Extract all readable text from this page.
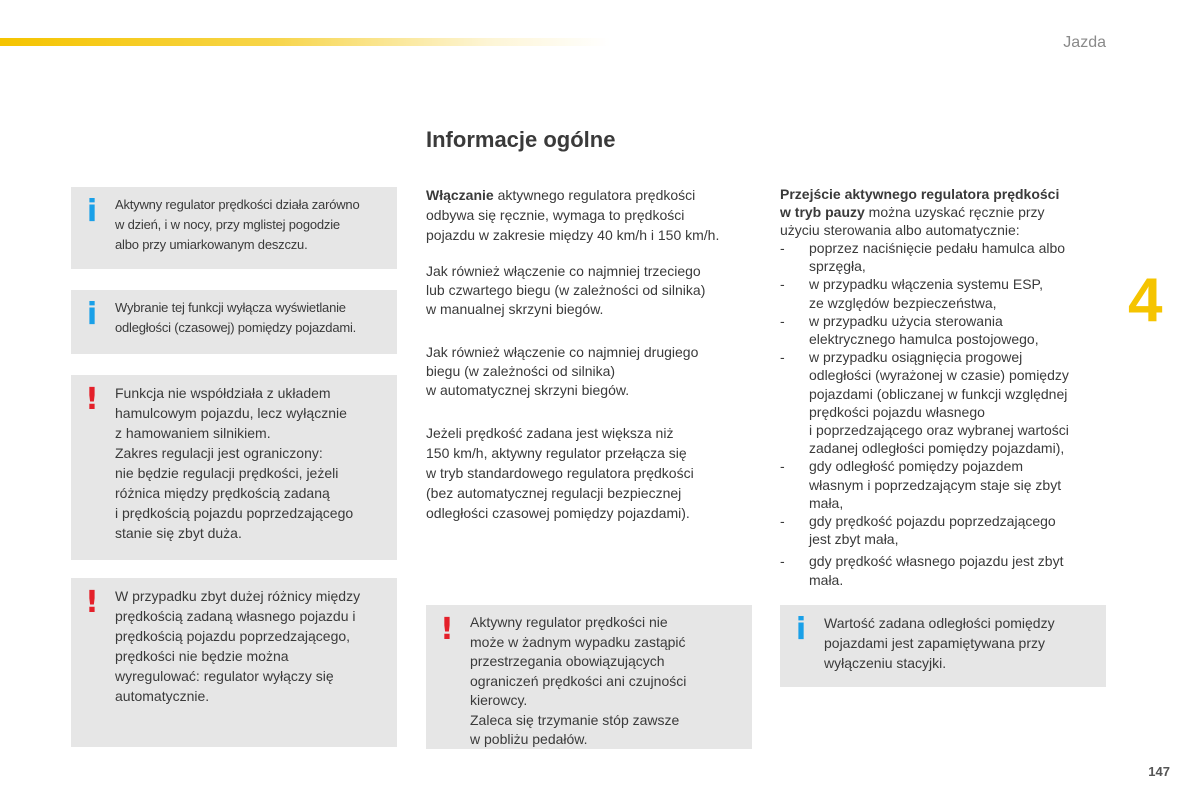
Jazda
4
147
Informacje ogólne
i Aktywny regulator prędkości działa zarówno
w dzień, i w nocy, przy mglistej pogodzie
albo przy umiarkowanym deszczu.
i Wybranie tej funkcji wyłącza wyświetlanie
odległości (czasowej) pomiędzy pojazdami.
! Funkcja nie współdziała z układem
hamulcowym pojazdu, lecz wyłącznie
z hamowaniem silnikiem.
Zakres regulacji jest ograniczony:
nie będzie regulacji prędkości, jeżeli
różnica między prędkością zadaną
i prędkością pojazdu poprzedzającego
stanie się zbyt duża.
! W przypadku zbyt dużej różnicy między
prędkością zadaną własnego pojazdu i
prędkością pojazdu poprzedzającego,
prędkości nie będzie można
wyregulować: regulator wyłączy się
automatycznie.
Włączanie aktywnego regulatora prędkości
odbywa się ręcznie, wymaga to prędkości
pojazdu w zakresie między 40 km/h i 150 km/h.
Jak również włączenie co najmniej trzeciego
lub czwartego biegu (w zależności od silnika)
w manualnej skrzyni biegów.
Jak również włączenie co najmniej drugiego
biegu (w zależności od silnika)
w automatycznej skrzyni biegów.
Jeżeli prędkość zadana jest większa niż
150 km/h, aktywny regulator przełącza się
w tryb standardowego regulatora prędkości
(bez automatycznej regulacji bezpiecznej
odległości czasowej pomiędzy pojazdami).
! Aktywny regulator prędkości nie
może w żadnym wypadku zastąpić
przestrzegania obowiązujących
ograniczeń prędkości ani czujności
kierowcy.
Zaleca się trzymanie stóp zawsze
w pobliżu pedałów.
Przejście aktywnego regulatora prędkości
w tryb pauzy można uzyskać ręcznie przy
użyciu sterowania albo automatycznie:
- poprzez naciśnięcie pedału hamulca albo
sprzęgła,
- w przypadku włączenia systemu ESP,
ze względów bezpieczeństwa,
- w przypadku użycia sterowania
elektrycznego hamulca postojowego,
- w przypadku osiągnięcia progowej
odległości (wyrażonej w czasie) pomiędzy
pojazdami (obliczanej w funkcji względnej
prędkości pojazdu własnego
i poprzedzającego oraz wybranej wartości
zadanej odległości pomiędzy pojazdami),
- gdy odległość pomiędzy pojazdem
własnym i poprzedzającym staje się zbyt
mała,
- gdy prędkość pojazdu poprzedzającego
jest zbyt mała,
- gdy prędkość własnego pojazdu jest zbyt
mała.
i Wartość zadana odległości pomiędzy
pojazdami jest zapamiętywana przy
wyłączeniu stacyjki.
